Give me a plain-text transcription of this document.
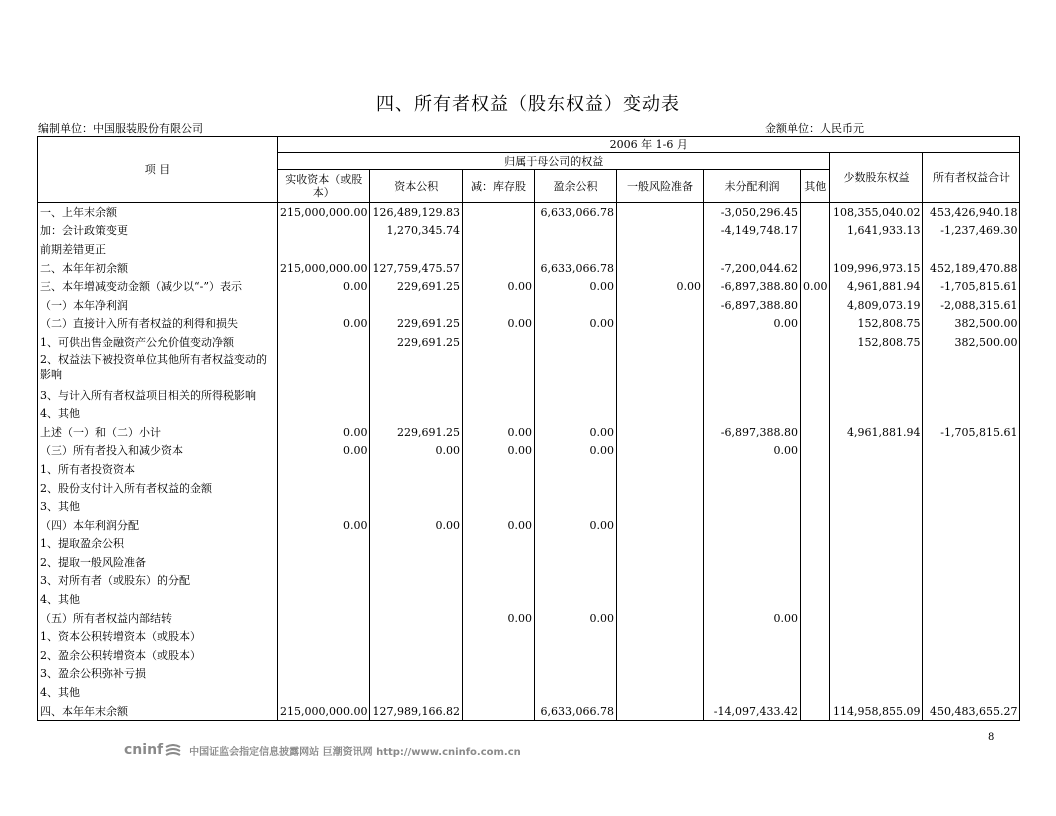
四、所有者权益（股东权益）变动表
编制单位：中国服装股份有限公司	金额单位：人民币元
项 目	2006 年 1-6 月								
	归属于母公司的权益							少数股东权益	所有者权益合计
	实收资本（或股本）	资本公积	减：库存股	盈余公积	一般风险准备	未分配利润	其他		
一、上年末余额	215,000,000.00	126,489,129.83		6,633,066.78		-3,050,296.45		108,355,040.02	453,426,940.18
加：会计政策变更		1,270,345.74				-4,149,748.17		1,641,933.13	-1,237,469.30
前期差错更正									
二、本年年初余额	215,000,000.00	127,759,475.57		6,633,066.78		-7,200,044.62		109,996,973.15	452,189,470.88
三、本年增减变动金额（减少以“-”）表示	0.00	229,691.25	0.00	0.00	0.00	-6,897,388.80	0.00	4,961,881.94	-1,705,815.61
（一）本年净利润						-6,897,388.80		4,809,073.19	-2,088,315.61
（二）直接计入所有者权益的利得和损失	0.00	229,691.25	0.00	0.00		0.00		152,808.75	382,500.00
1、可供出售金融资产公允价值变动净额		229,691.25						152,808.75	382,500.00
2、权益法下被投资单位其他所有者权益变动的影响									
3、与计入所有者权益项目相关的所得税影响									
4、其他									
上述（一）和（二）小计	0.00	229,691.25	0.00	0.00		-6,897,388.80		4,961,881.94	-1,705,815.61
（三）所有者投入和减少资本	0.00	0.00	0.00	0.00		0.00			
1、所有者投资资本									
2、股份支付计入所有者权益的金额									
3、其他									
（四）本年利润分配	0.00	0.00	0.00	0.00					
1、提取盈余公积									
2、提取一般风险准备									
3、对所有者（或股东）的分配									
4、其他									
（五）所有者权益内部结转			0.00	0.00		0.00			
1、资本公积转增资本（或股本）									
2、盈余公积转增资本（或股本）									
3、盈余公积弥补亏损									
4、其他									
四、本年年末余额	215,000,000.00	127,989,166.82		6,633,066.78		-14,097,433.42		114,958,855.09	450,483,655.27
8
cninf	中国证监会指定信息披露网站 巨潮资讯网 http://www.cninfo.com.cn
